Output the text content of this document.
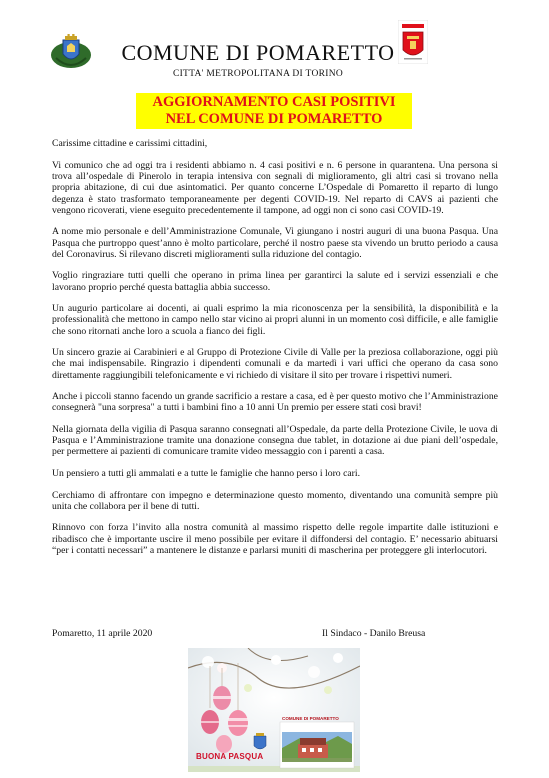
COMUNE DI POMARETTO
CITTA' METROPOLITANA DI TORINO
AGGIORNAMENTO CASI POSITIVI
NEL COMUNE DI POMARETTO

Carissime cittadine e carissimi cittadini,

Vi comunico che ad oggi tra i residenti abbiamo n. 4 casi positivi e n. 6 persone in quarantena. Una persona si trova all’ospedale di Pinerolo in terapia intensiva con segnali di miglioramento, gli altri casi si trovano nella propria abitazione, di cui due asintomatici. Per quanto concerne L’Ospedale di Pomaretto il reparto di lungo degenza è stato trasformato temporaneamente per degenti COVID-19. Nel reparto di CAVS ai pazienti che vengono ricoverati, viene eseguito precedentemente il tampone, ad oggi non ci sono casi COVID-19.

A nome mio personale e dell’Amministrazione Comunale, Vi giungano i nostri auguri di una buona Pasqua. Una Pasqua che purtroppo quest’anno è molto particolare, perché il nostro paese sta vivendo un brutto periodo a causa del Coronavirus. Si rilevano discreti miglioramenti sulla riduzione del contagio.

Voglio ringraziare tutti quelli che operano in prima linea per garantirci la salute ed i servizi essenziali e che lavorano proprio perché questa battaglia abbia successo.

Un augurio particolare ai docenti, ai quali esprimo la mia riconoscenza per la sensibilità, la disponibilità e la professionalità che mettono in campo nello star vicino ai propri alunni in un momento così difficile, e alle famiglie che sono ritornati anche loro a scuola a fianco dei figli.

Un sincero grazie ai Carabinieri e al Gruppo di Protezione Civile di Valle per la preziosa collaborazione, oggi più che mai indispensabile. Ringrazio i dipendenti comunali e da martedì i vari uffici che operano da casa sono direttamente raggiungibili telefonicamente e vi richiedo di visitare il sito per trovare i rispettivi numeri.

Anche i piccoli stanno facendo un grande sacrificio a restare a casa, ed è per questo motivo che l’Amministrazione consegnerà "una sorpresa" a tutti i bambini fino a 10 anni Un premio per essere stati così bravi!

Nella giornata della vigilia di Pasqua saranno consegnati all’Ospedale, da parte della Protezione Civile, le uova di Pasqua e l’Amministrazione tramite una donazione consegna due tablet, in dotazione ai due piani dell’ospedale, per permettere ai pazienti di comunicare tramite video messaggio con i parenti a casa.

Un pensiero a tutti gli ammalati e a tutte le famiglie che hanno perso i loro cari.

Cerchiamo di affrontare con impegno e determinazione questo momento, diventando una comunità sempre più unita che collabora per il bene di tutti.

Rinnovo con forza l’invito alla nostra comunità al massimo rispetto delle regole impartite dalle istituzioni e ribadisco che è importante uscire il meno possibile per evitare il diffondersi del contagio. E’ necessario abituarsi “per i contatti necessari” a mantenere le distanze e parlarsi muniti di mascherina per proteggere gli interlocutori.

Pomaretto, 11 aprile 2020	Il Sindaco - Danilo Breusa
COMUNE DI POMARETTO
BUONA PASQUA
